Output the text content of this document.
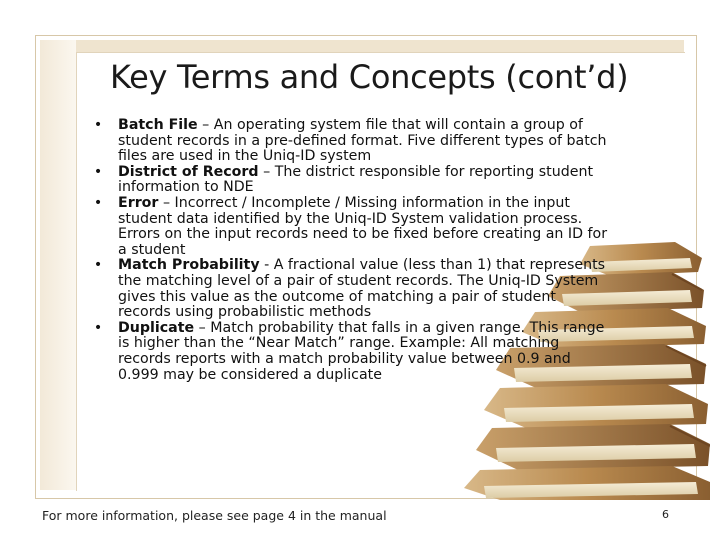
Key Terms and Concepts (cont’d)
• Batch File – An operating system file that will contain a group of student records in a pre-defined format. Five different types of batch files are used in the Uniq-ID system
• District of Record – The district responsible for reporting student information to NDE
• Error – Incorrect / Incomplete / Missing information in the input student data identified by the Uniq-ID System validation process. Errors on the input records need to be fixed before creating an ID for a student
• Match Probability - A fractional value (less than 1) that represents the matching level of a pair of student records. The Uniq-ID System gives this value as the outcome of matching a pair of student records using probabilistic methods
• Duplicate – Match probability that falls in a given range. This range is higher than the “Near Match” range. Example: All matching records reports with a match probability value between 0.9 and 0.999 may be considered a duplicate
For more information, please see page 4 in the manual	6
